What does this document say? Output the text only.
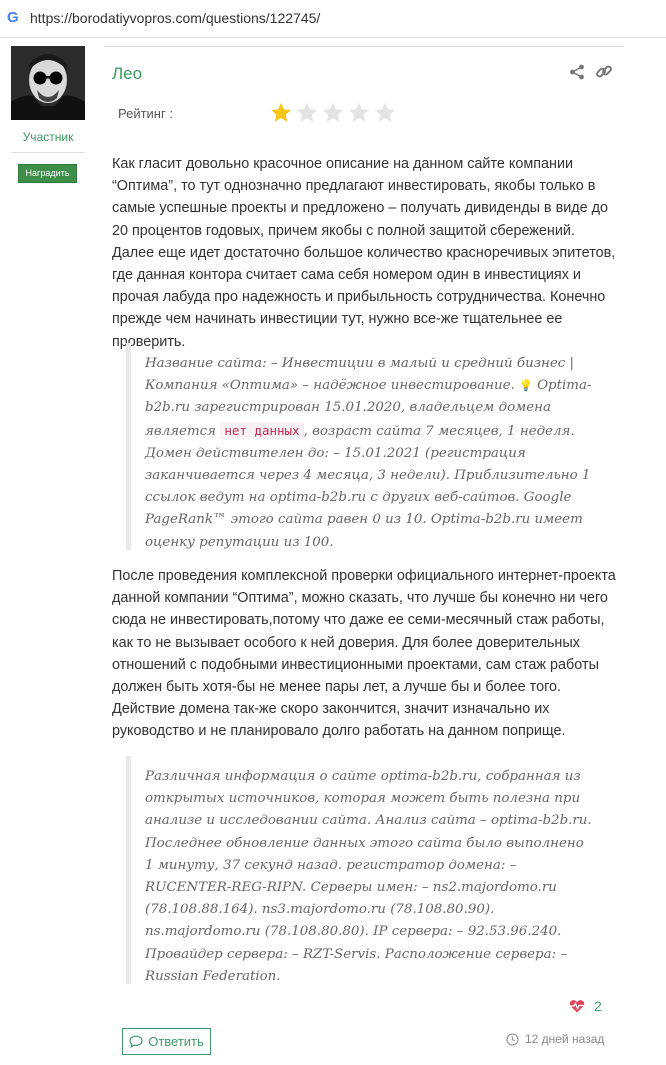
G https://borodatiyvopros.com/questions/122745/
Участник
Наградить
Лео
Рейтинг :
Как гласит довольно красочное описание на данном сайте компании “Оптима”, то тут однозначно предлагают инвестировать, якобы только в самые успешные проекты и предложено – получать дивиденды в виде до 20 процентов годовых, причем якобы с полной защитой сбережений. Далее еще идет достаточно большое количество красноречивых эпитетов, где данная контора считает сама себя номером один в инвестициях и прочая лабуда про надежность и прибыльность сотрудничества. Конечно прежде чем начинать инвестиции тут, нужно все-же тщательнее ее проверить.
Название сайта: – Инвестиции в малый и средний бизнес | Компания «Оптима» – надёжное инвестирование. 💡 Optima-b2b.ru зарегистрирован 15.01.2020, владельцем домена является нет данных , возраст сайта 7 месяцев, 1 неделя. Домен действителен до: – 15.01.2021 (регистрация заканчивается через 4 месяца, 3 недели). Приблизительно 1 ссылок ведут на optima-b2b.ru с других веб-сайтов. Google PageRank™ этого сайта равен 0 из 10. Optima-b2b.ru имеет оценку репутации из 100.
После проведения комплексной проверки официального интернет-проекта данной компании “Оптима”, можно сказать, что лучше бы конечно ни чего сюда не инвестировать,потому что даже ее семи-месячный стаж работы, как то не вызывает особого к ней доверия. Для более доверительных отношений с подобными инвестиционными проектами, сам стаж работы должен быть хотя-бы не менее пары лет, а лучше бы и более того. Действие домена так-же скоро закончится, значит изначально их руководство и не планировало долго работать на данном поприще.
Различная информация о сайте optima-b2b.ru, собранная из открытых источников, которая может быть полезна при анализе и исследовании сайта. Анализ сайта – optima-b2b.ru. Последнее обновление данных этого сайта было выполнено 1 минуту, 37 секунд назад. регистратор домена: – RUCENTER-REG-RIPN. Серверы имен: – ns2.majordomo.ru (78.108.88.164). ns3.majordomo.ru (78.108.80.90). ns.majordomo.ru (78.108.80.80). IP сервера: – 92.53.96.240. Провайдер сервера: – RZT-Servis. Расположение сервера: – Russian Federation.
2
Ответить	12 дней назад
